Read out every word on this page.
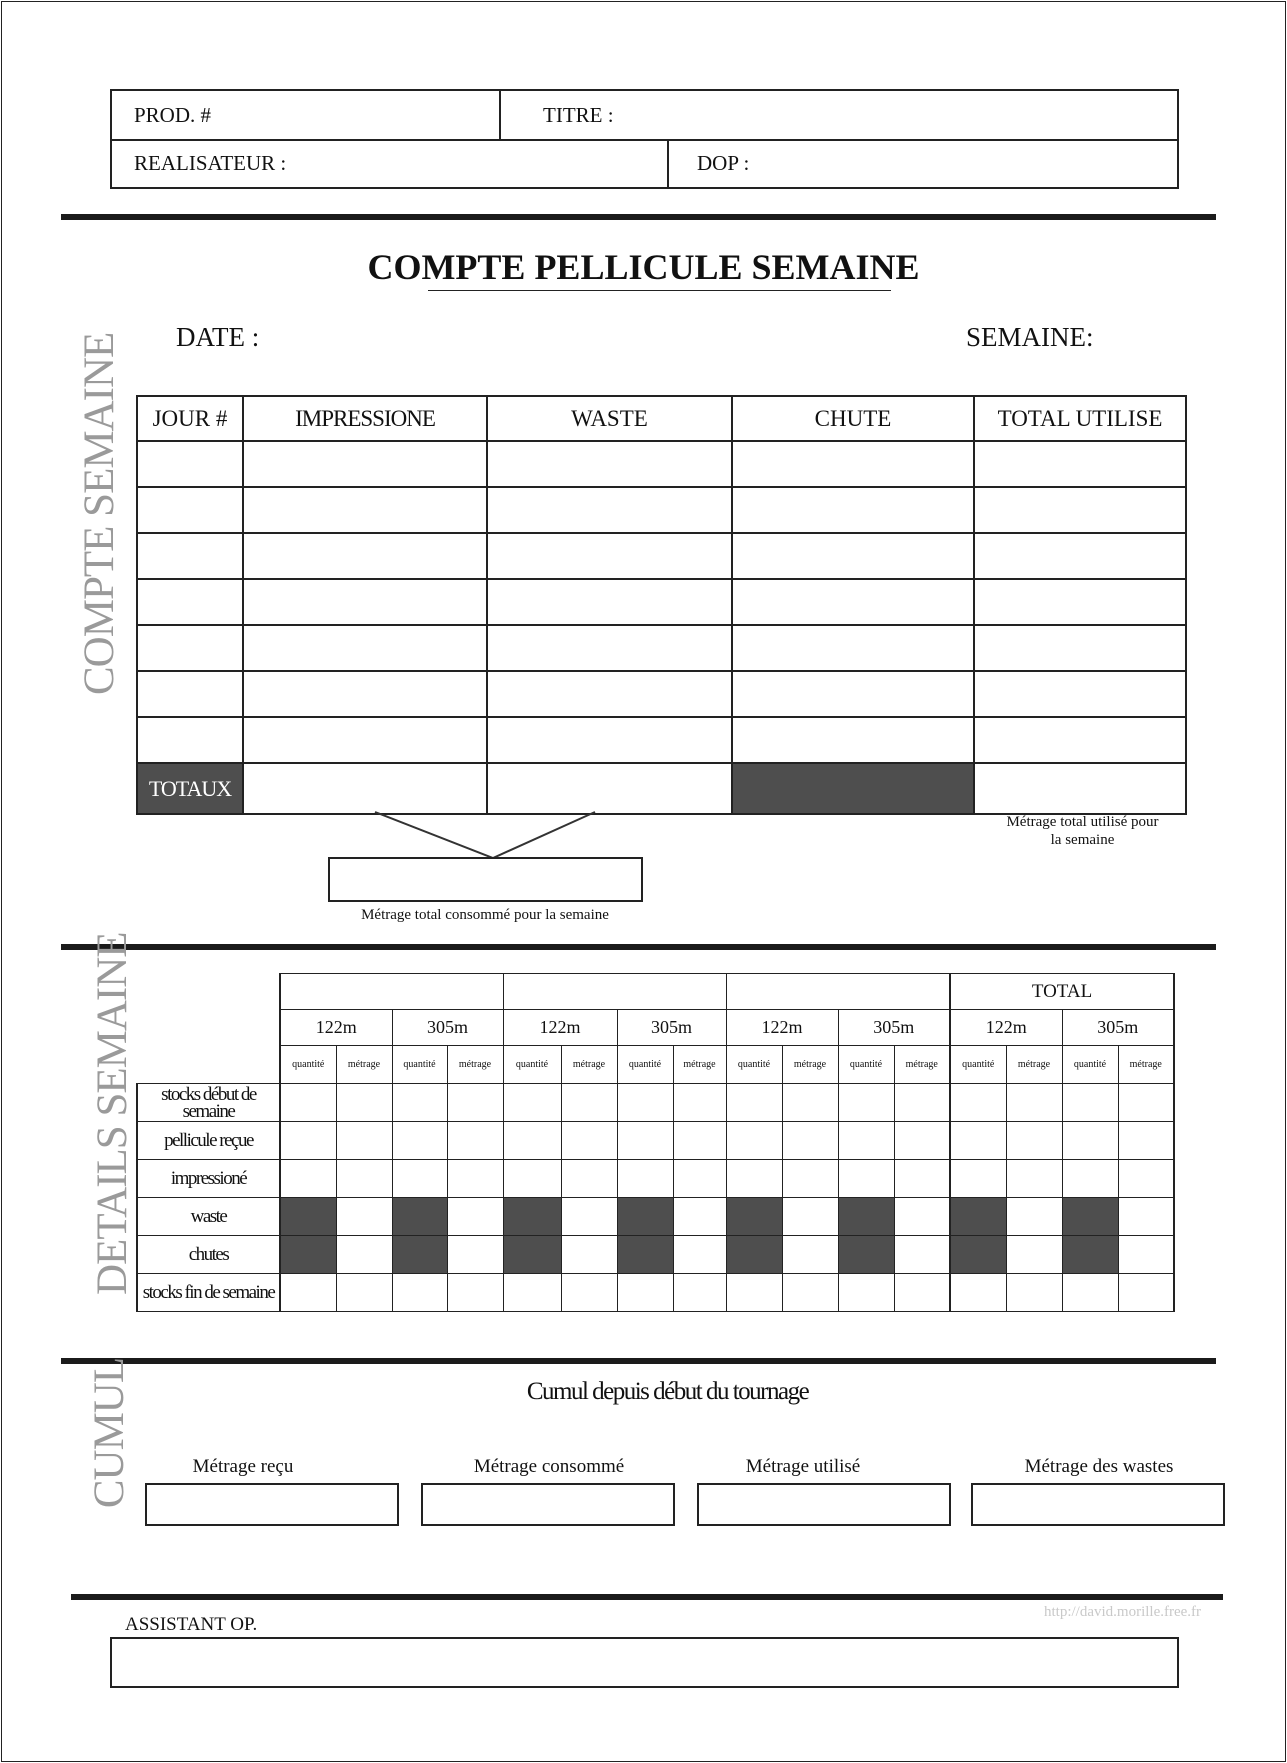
PROD. #	TITRE :
REALISATEUR :	DOP :
COMPTE PELLICULE SEMAINE
DATE :	SEMAINE:
COMPTE SEMAINE JOUR #	IMPRESSIONE	WASTE	CHUTE	TOTAL UTILISE

TOTAUX				
Métrage total consommé pour la semaine
Métrage total utilisé pour la semaine
DETAILS SEMAINE
													TOTAL			
	122m		305m		122m		305m		122m		305m		122m		305m	
	quantité	métrage	quantité	métrage	quantité	métrage	quantité	métrage	quantité	métrage	quantité	métrage	quantité	métrage	quantité	métrage
stocks début de semaine																
pellicule reçue																
impressioné																
waste																
chutes																
stocks fin de semaine																
Cumul depuis début du tournage
CUMUL	Métrage reçu	Métrage consommé	Métrage utilisé	Métrage des wastes
http://david.morille.free.fr
ASSISTANT OP.
